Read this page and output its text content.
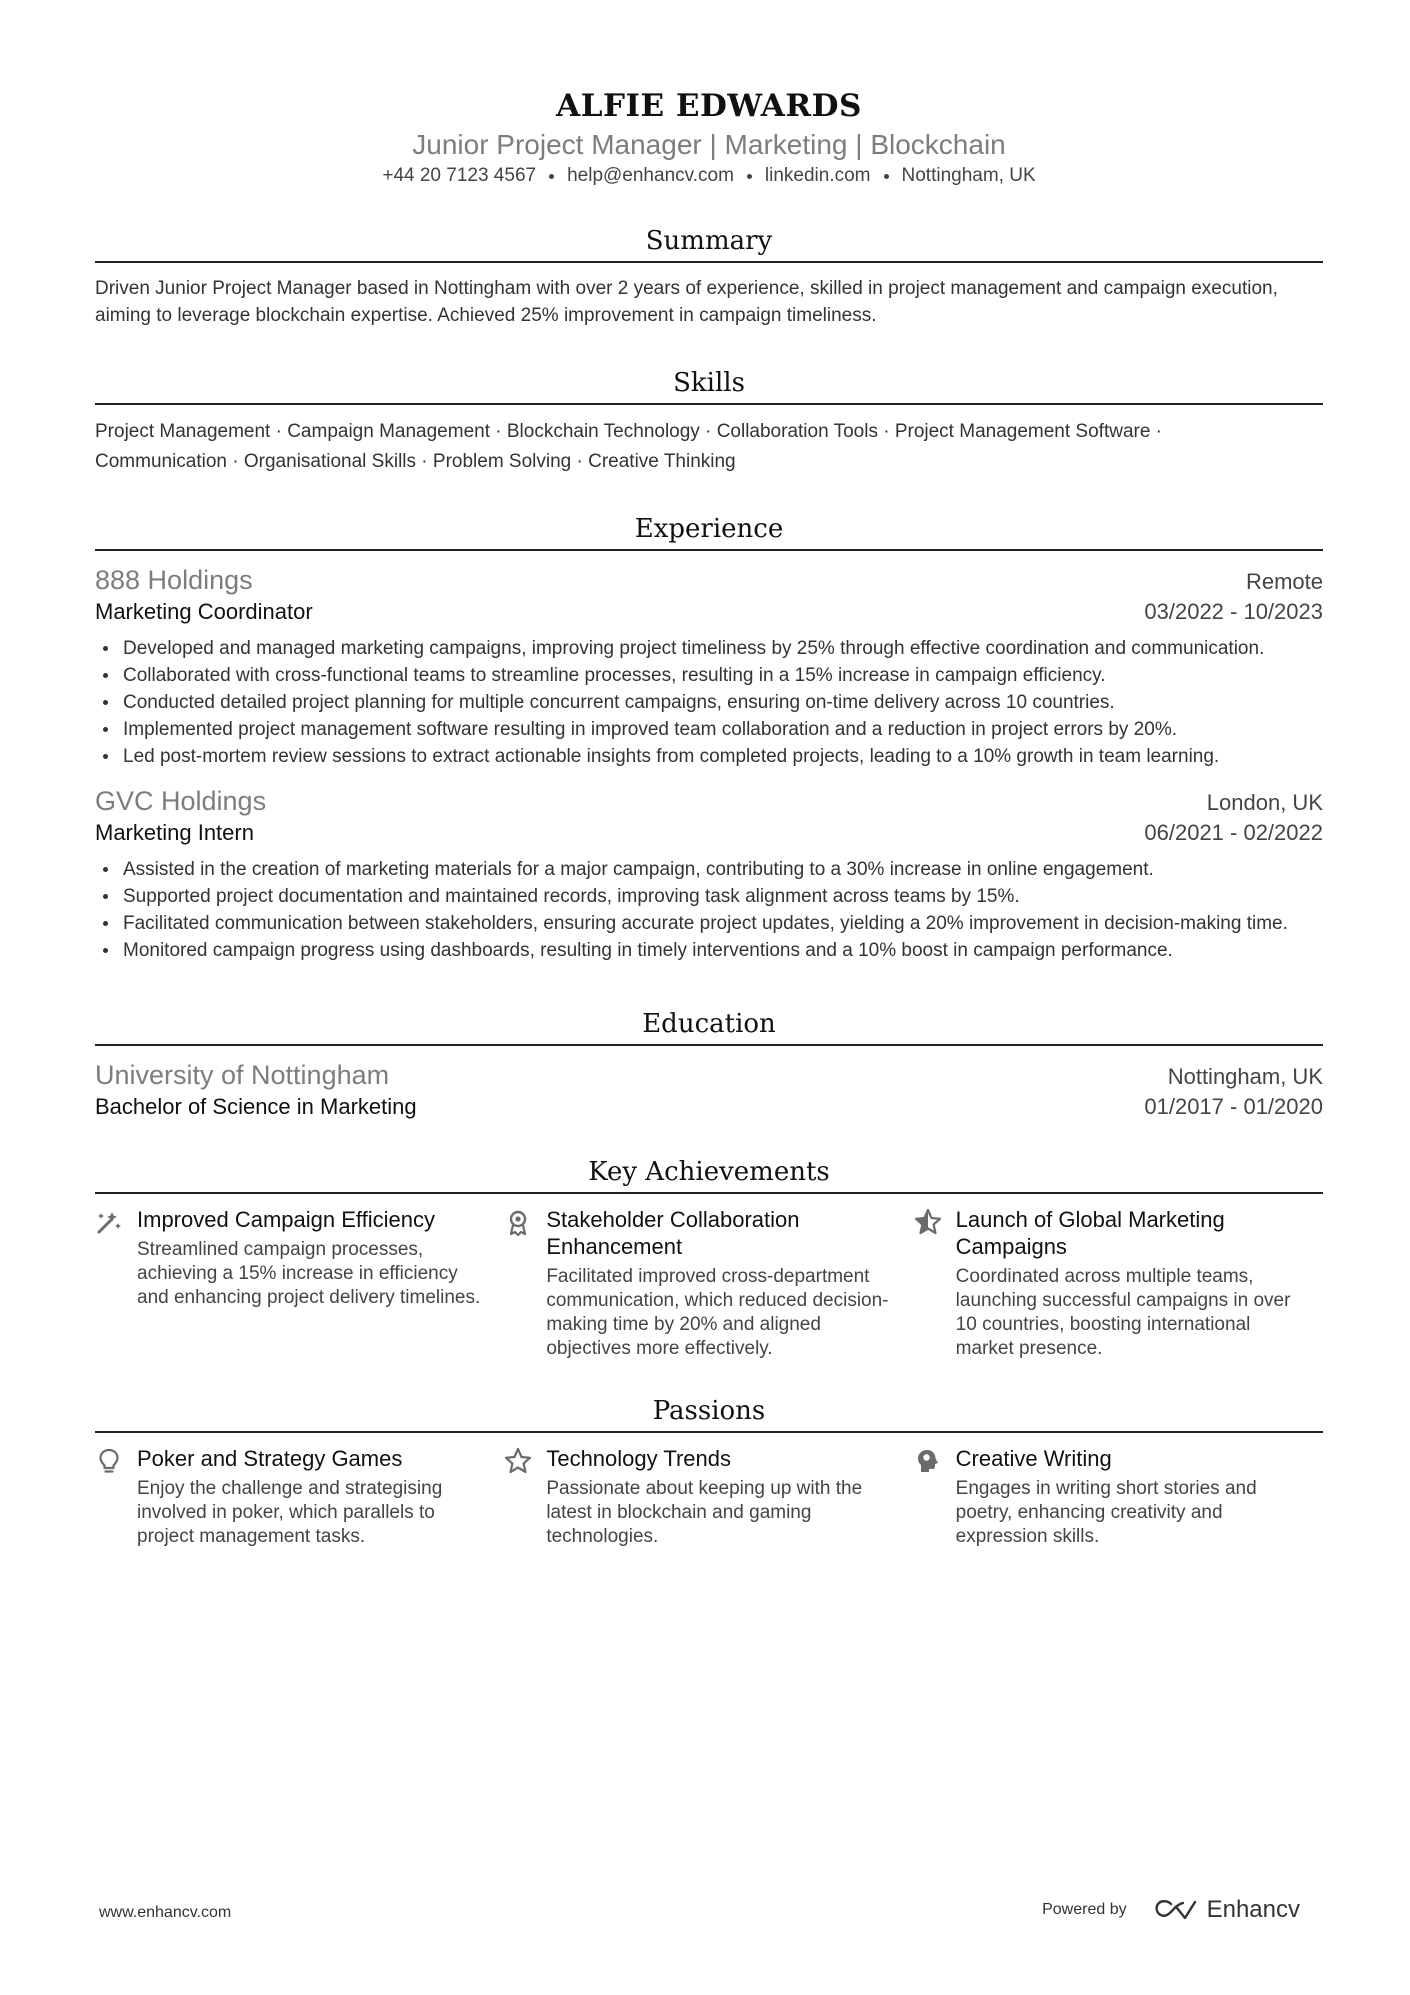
ALFIE EDWARDS
Junior Project Manager | Marketing | Blockchain
+44 20 7123 4567 help@enhancv.com linkedin.com Nottingham, UK
Summary
Driven Junior Project Manager based in Nottingham with over 2 years of experience, skilled in project management and campaign execution, aiming to leverage blockchain expertise. Achieved 25% improvement in campaign timeliness.
Skills
Project Management · Campaign Management · Blockchain Technology · Collaboration Tools · Project Management Software ·
Communication · Organisational Skills · Problem Solving · Creative Thinking
Experience
888 Holdings	Remote
Marketing Coordinator	03/2022 - 10/2023
Developed and managed marketing campaigns, improving project timeliness by 25% through effective coordination and communication.
Collaborated with cross-functional teams to streamline processes, resulting in a 15% increase in campaign efficiency.
Conducted detailed project planning for multiple concurrent campaigns, ensuring on-time delivery across 10 countries.
Implemented project management software resulting in improved team collaboration and a reduction in project errors by 20%.
Led post-mortem review sessions to extract actionable insights from completed projects, leading to a 10% growth in team learning.
GVC Holdings	London, UK
Marketing Intern	06/2021 - 02/2022
Assisted in the creation of marketing materials for a major campaign, contributing to a 30% increase in online engagement.
Supported project documentation and maintained records, improving task alignment across teams by 15%.
Facilitated communication between stakeholders, ensuring accurate project updates, yielding a 20% improvement in decision-making time.
Monitored campaign progress using dashboards, resulting in timely interventions and a 10% boost in campaign performance.
Education
University of Nottingham	Nottingham, UK
Bachelor of Science in Marketing	01/2017 - 01/2020
Key Achievements
Improved Campaign Efficiency
Streamlined campaign processes, achieving a 15% increase in efficiency and enhancing project delivery timelines.
Stakeholder Collaboration Enhancement
Facilitated improved cross-department communication, which reduced decision-making time by 20% and aligned objectives more effectively.
Launch of Global Marketing Campaigns
Coordinated across multiple teams, launching successful campaigns in over 10 countries, boosting international market presence.
Passions
Poker and Strategy Games
Enjoy the challenge and strategising involved in poker, which parallels to project management tasks.
Technology Trends
Passionate about keeping up with the latest in blockchain and gaming technologies.
Creative Writing
Engages in writing short stories and poetry, enhancing creativity and expression skills.
www.enhancv.com	Powered by	Enhancv
